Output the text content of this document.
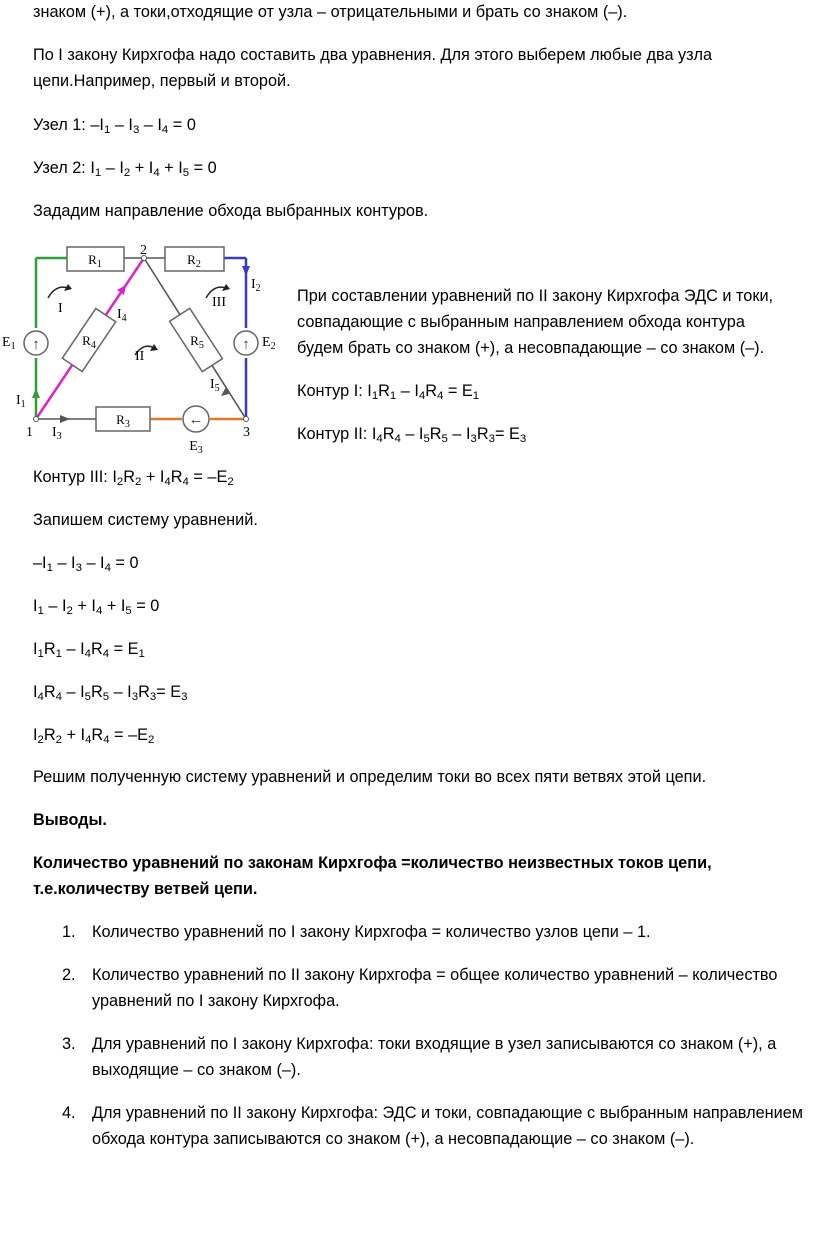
знаком (+), а токи,отходящие от узла – отрицательными и брать со знаком (–).

По I закону Кирхгофа надо составить два уравнения. Для этого выберем любые два узла

цепи.Например, первый и второй.

Узел 1: $-I_1 - I_3 - I_4 = 0$

Узел 2: $I_1 - I_2 + I_4 + I_5 = 0$

Зададим направление обхода выбранных контуров.

↑	↑
←
$R_1$	$R_2$
$R_3$
$R_4$	$R_5$
$E_1$	$E_2$
$E_3$
$I_1$
$I_2$
$I_3$
$I_4$
$I_5$
1
2
3
I
II
III	При составлении уравнений по II закону Кирхгофа ЭДС и токи,
совпадающие с выбранным направлением обхода контура
будем брать со знаком (+), а несовпадающие – со знаком (–).
Контур I: $I_1R_1 - I_4R_4 = E_1$
Контур II: $I_4R_4 - I_5R_5 - I_3R_3= E_3$

Контур III: $I_2R_2 + I_4R_4 = -E_2$

Запишем систему уравнений.

$-I_1 - I_3 - I_4 = 0$

$I_1 - I_2 + I_4 + I_5 = 0$

$I_1R_1 - I_4R_4 = E_1$

$I_4R_4 - I_5R_5 - I_3R_3= E_3$

$I_2R_2 + I_4R_4 = -E_2$

Решим полученную систему уравнений и определим токи во всех пяти ветвях этой цепи.

Выводы.

Количество уравнений по законам Кирхгофа =количество неизвестных токов цепи,

т.е.количеству ветвей цепи.

1. Количество уравнений по I закону Кирхгофа = количество узлов цепи – 1.
2. Количество уравнений по II закону Кирхгофа = общее количество уравнений – количество уравнений по I закону Кирхгофа.
3. Для уравнений по I закону Кирхгофа: токи входящие в узел записываются со знаком (+), а выходящие – со знаком (–).
4. Для уравнений по II закону Кирхгофа: ЭДС и токи, совпадающие с выбранным направлением обхода контура записываются со знаком (+), а несовпадающие – со знаком (–).
